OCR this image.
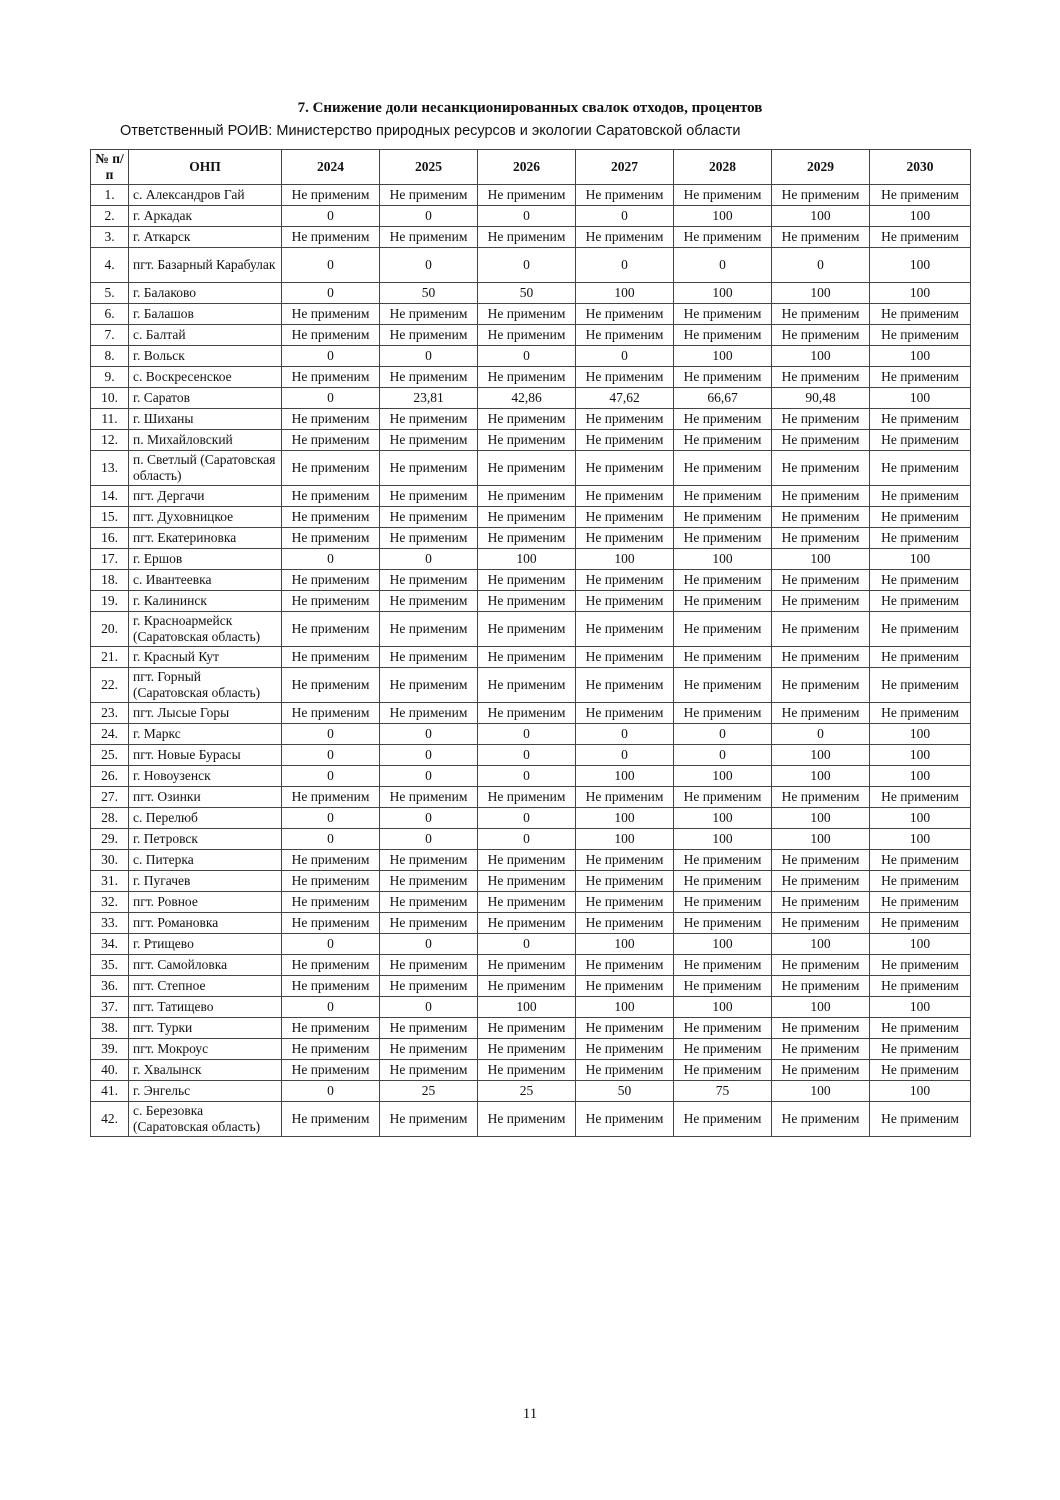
7. Снижение доли несанкционированных свалок отходов, процентов
Ответственный РОИВ: Министерство природных ресурсов и экологии Саратовской области
№ п/п	ОНП	2024	2025	2026	2027	2028	2029	2030
1.	с. Александров Гай	Не применим	Не применим	Не применим	Не применим	Не применим	Не применим	Не применим
2.	г. Аркадак	0	0	0	0	100	100	100
3.	г. Аткарск	Не применим	Не применим	Не применим	Не применим	Не применим	Не применим	Не применим
4.	пгт. Базарный Карабулак	0	0	0	0	0	0	100
5.	г. Балаково	0	50	50	100	100	100	100
6.	г. Балашов	Не применим	Не применим	Не применим	Не применим	Не применим	Не применим	Не применим
7.	с. Балтай	Не применим	Не применим	Не применим	Не применим	Не применим	Не применим	Не применим
8.	г. Вольск	0	0	0	0	100	100	100
9.	с. Воскресенское	Не применим	Не применим	Не применим	Не применим	Не применим	Не применим	Не применим
10.	г. Саратов	0	23,81	42,86	47,62	66,67	90,48	100
11.	г. Шиханы	Не применим	Не применим	Не применим	Не применим	Не применим	Не применим	Не применим
12.	п. Михайловский	Не применим	Не применим	Не применим	Не применим	Не применим	Не применим	Не применим
13.	п. Светлый (Саратовская область)	Не применим	Не применим	Не применим	Не применим	Не применим	Не применим	Не применим
14.	пгт. Дергачи	Не применим	Не применим	Не применим	Не применим	Не применим	Не применим	Не применим
15.	пгт. Духовницкое	Не применим	Не применим	Не применим	Не применим	Не применим	Не применим	Не применим
16.	пгт. Екатериновка	Не применим	Не применим	Не применим	Не применим	Не применим	Не применим	Не применим
17.	г. Ершов	0	0	100	100	100	100	100
18.	с. Ивантеевка	Не применим	Не применим	Не применим	Не применим	Не применим	Не применим	Не применим
19.	г. Калининск	Не применим	Не применим	Не применим	Не применим	Не применим	Не применим	Не применим
20.	г. Красноармейск (Саратовская область)	Не применим	Не применим	Не применим	Не применим	Не применим	Не применим	Не применим
21.	г. Красный Кут	Не применим	Не применим	Не применим	Не применим	Не применим	Не применим	Не применим
22.	пгт. Горный (Саратовская область)	Не применим	Не применим	Не применим	Не применим	Не применим	Не применим	Не применим
23.	пгт. Лысые Горы	Не применим	Не применим	Не применим	Не применим	Не применим	Не применим	Не применим
24.	г. Маркс	0	0	0	0	0	0	100
25.	пгт. Новые Бурасы	0	0	0	0	0	100	100
26.	г. Новоузенск	0	0	0	100	100	100	100
27.	пгт. Озинки	Не применим	Не применим	Не применим	Не применим	Не применим	Не применим	Не применим
28.	с. Перелюб	0	0	0	100	100	100	100
29.	г. Петровск	0	0	0	100	100	100	100
30.	с. Питерка	Не применим	Не применим	Не применим	Не применим	Не применим	Не применим	Не применим
31.	г. Пугачев	Не применим	Не применим	Не применим	Не применим	Не применим	Не применим	Не применим
32.	пгт. Ровное	Не применим	Не применим	Не применим	Не применим	Не применим	Не применим	Не применим
33.	пгт. Романовка	Не применим	Не применим	Не применим	Не применим	Не применим	Не применим	Не применим
34.	г. Ртищево	0	0	0	100	100	100	100
35.	пгт. Самойловка	Не применим	Не применим	Не применим	Не применим	Не применим	Не применим	Не применим
36.	пгт. Степное	Не применим	Не применим	Не применим	Не применим	Не применим	Не применим	Не применим
37.	пгт. Татищево	0	0	100	100	100	100	100
38.	пгт. Турки	Не применим	Не применим	Не применим	Не применим	Не применим	Не применим	Не применим
39.	пгт. Мокроус	Не применим	Не применим	Не применим	Не применим	Не применим	Не применим	Не применим
40.	г. Хвалынск	Не применим	Не применим	Не применим	Не применим	Не применим	Не применим	Не применим
41.	г. Энгельс	0	25	25	50	75	100	100
42.	с. Березовка (Саратовская область)	Не применим	Не применим	Не применим	Не применим	Не применим	Не применим	Не применим
11
